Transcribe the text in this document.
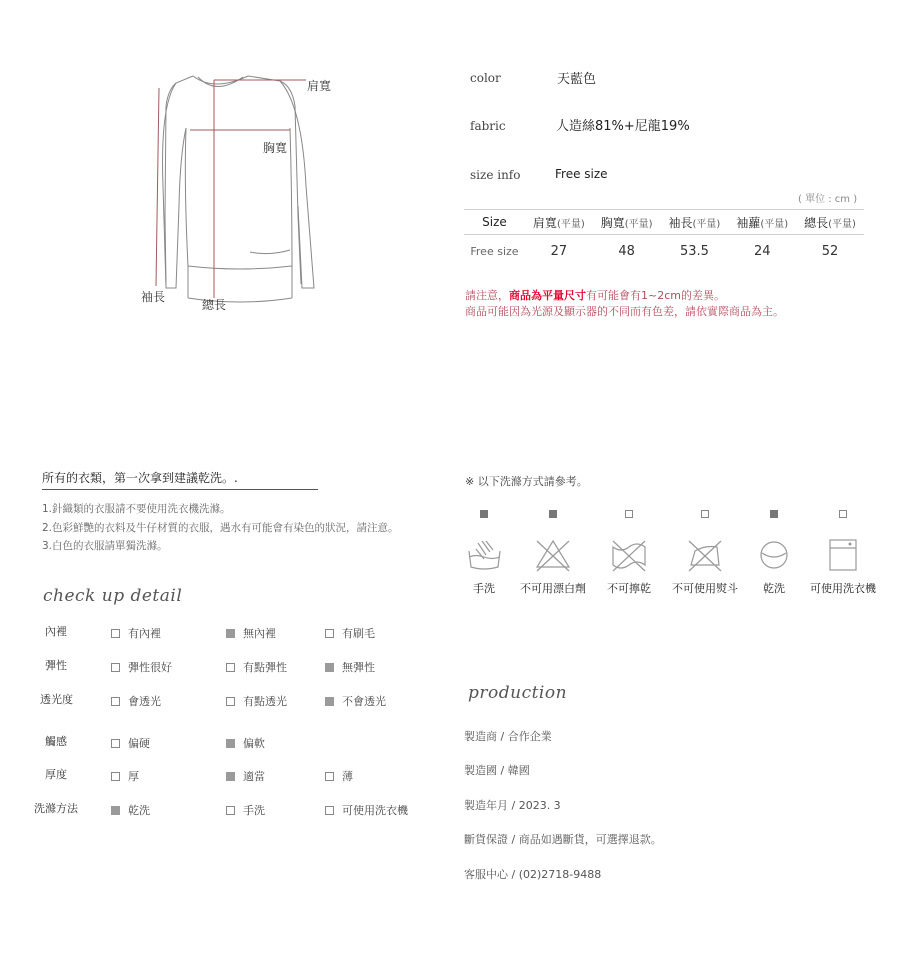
肩寬
胸寬
袖長
總長
color	天藍色
fabric	人造絲81%+尼龍19%
size info	Free size
( 單位 : cm )
Size	肩寬(平量)	胸寬(平量)	袖長(平量)	袖蘿(平量)	總長(平量)
Free size	27	48	53.5	24	52
請注意，商品為平量尺寸有可能會有1~2cm的差異。
商品可能因為光源及顯示器的不同而有色差，請依實際商品為主。
所有的衣類，第一次拿到建議乾洗。.
1.針織類的衣服請不要使用洗衣機洗滌。
2.色彩鮮艷的衣料及牛仔材質的衣服，遇水有可能會有染色的狀況，請注意。
3.白色的衣服請單獨洗滌。
check up detail
內裡	有內裡	無內裡	有刷毛
彈性	彈性很好	有點彈性	無彈性
透光度	會透光	有點透光	不會透光
觸感	偏硬	偏軟
厚度	厚	適當	薄
洗滌方法	乾洗	手洗	可使用洗衣機
※ 以下洗滌方式請參考。
手洗	不可用漂白劑	不可擰乾	不可使用熨斗	乾洗	可使用洗衣機
production
製造商 / 合作企業
製造國 / 韓國
製造年月 / 2023. 3
斷貨保證 / 商品如遇斷貨，可選擇退款。
客服中心 / (02)2718-9488
